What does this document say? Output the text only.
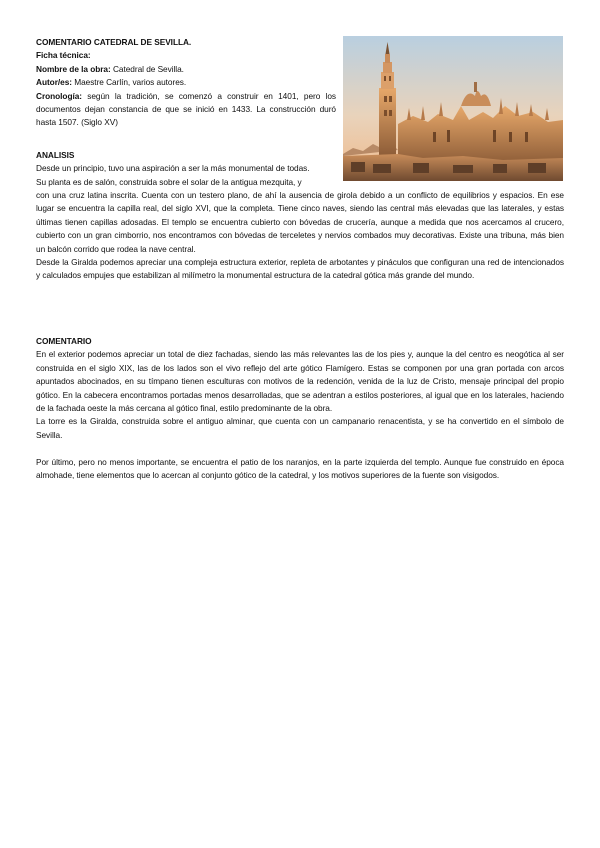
COMENTARIO CATEDRAL DE SEVILLA.

Ficha técnica:

Nombre de la obra: Catedral de Sevilla.

Autor/es: Maestre Carlín, varios autores.

Cronología: según la tradición, se comenzó a construir en 1401, pero los documentos dejan constancia de que se inició en 1433. La construcción duró hasta 1507. (Siglo XV)

ANALISIS

Desde un principio, tuvo una aspiración a ser la más monumental de todas.

Su planta es de salón, construida sobre el solar de la antigua mezquita, y

con una cruz latina inscrita. Cuenta con un testero plano, de ahí la ausencia de girola debido a un conflicto de equilibrios y espacios. En ese lugar se encuentra la capilla real, del siglo XVI, que la completa. Tiene cinco naves, siendo las central más elevadas que las laterales, y estas últimas tienen capillas adosadas. El templo se encuentra cubierto con bóvedas de crucería, aunque a medida que nos acercamos al crucero, cubierto con un gran cimborrio, nos encontramos con bóvedas de terceletes y nervios combados muy decorativas. Existe una tribuna, más bien un balcón corrido que rodea la nave central.

Desde la Giralda podemos apreciar una compleja estructura exterior, repleta de arbotantes y pináculos que configuran una red de intencionados y calculados empujes que estabilizan al milímetro la monumental estructura de la catedral gótica más grande del mundo.

COMENTARIO

En el exterior podemos apreciar un total de diez fachadas, siendo las más relevantes las de los pies y, aunque la del centro es neogótica al ser construida en el siglo XIX, las de los lados son el vivo reflejo del arte gótico Flamígero. Estas se componen por una gran portada con arcos apuntados abocinados, en su tímpano tienen esculturas con motivos de la redención, venida de la luz de Cristo, mensaje principal del propio gótico. En la cabecera encontramos portadas menos desarrolladas, que se adentran a estilos posteriores, al igual que en los laterales, haciendo de la fachada oeste la más cercana al gótico final, estilo predominante de la obra.

La torre es la Giralda, construida sobre el antiguo alminar, que cuenta con un campanario renacentista, y se ha convertido en el símbolo de Sevilla.

Por último, pero no menos importante, se encuentra el patio de los naranjos, en la parte izquierda del templo. Aunque fue construido en época almohade, tiene elementos que lo acercan al conjunto gótico de la catedral, y los motivos superiores de la fuente son visigodos.
